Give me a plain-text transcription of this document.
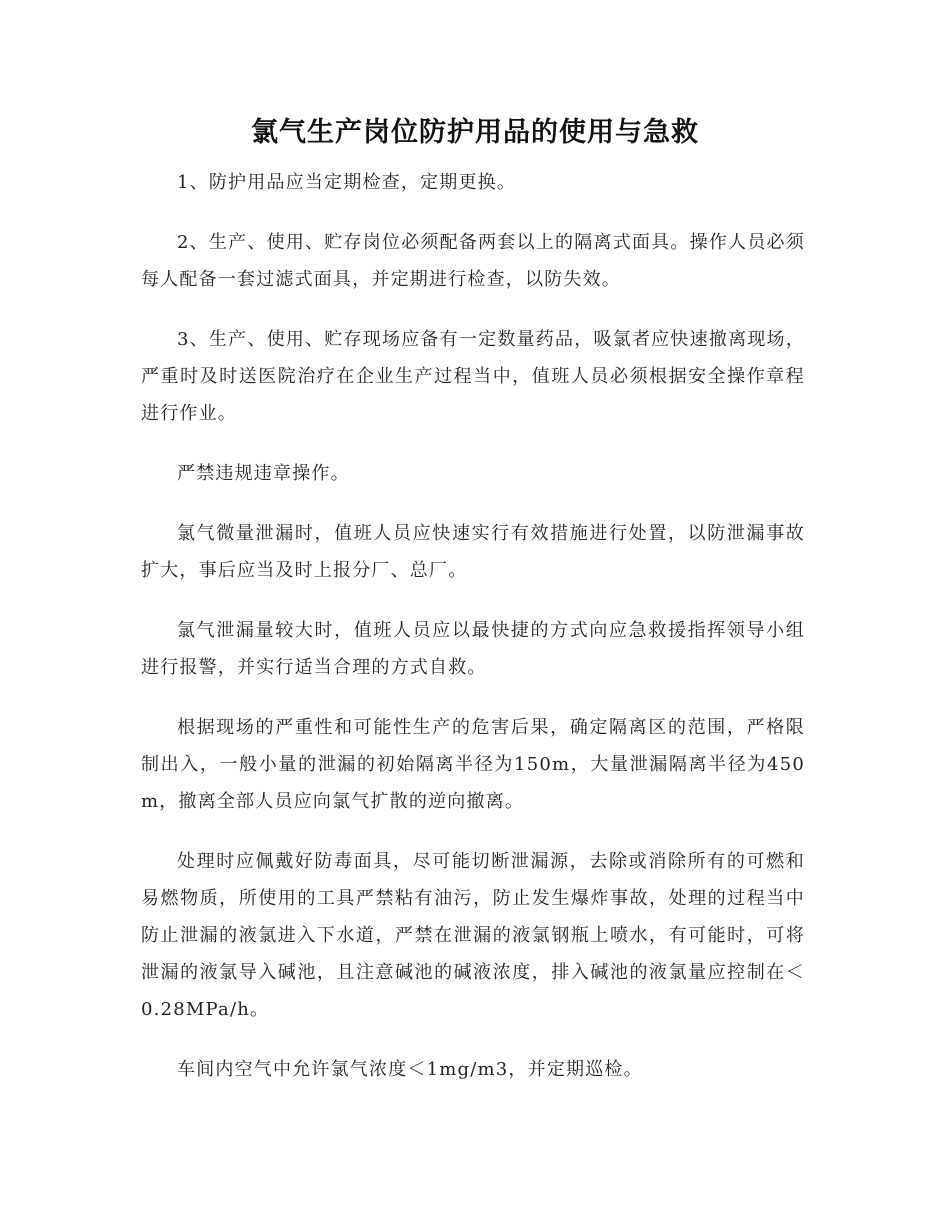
氯气生产岗位防护用品的使用与急救

1、防护用品应当定期检查，定期更换。

2、生产、使用、贮存岗位必须配备两套以上的隔离式面具。操作人员必须每人配备一套过滤式面具，并定期进行检查，以防失效。

3、生产、使用、贮存现场应备有一定数量药品，吸氯者应快速撤离现场，严重时及时送医院治疗在企业生产过程当中，值班人员必须根据安全操作章程进行作业。

严禁违规违章操作。

氯气微量泄漏时，值班人员应快速实行有效措施进行处置，以防泄漏事故扩大，事后应当及时上报分厂、总厂。

氯气泄漏量较大时，值班人员应以最快捷的方式向应急救援指挥领导小组进行报警，并实行适当合理的方式自救。

根据现场的严重性和可能性生产的危害后果，确定隔离区的范围，严格限制出入，一般小量的泄漏的初始隔离半径为150m，大量泄漏隔离半径为450m，撤离全部人员应向氯气扩散的逆向撤离。

处理时应佩戴好防毒面具，尽可能切断泄漏源，去除或消除所有的可燃和易燃物质，所使用的工具严禁粘有油污，防止发生爆炸事故，处理的过程当中防止泄漏的液氯进入下水道，严禁在泄漏的液氯钢瓶上喷水，有可能时，可将泄漏的液氯导入碱池，且注意碱池的碱液浓度，排入碱池的液氯量应控制在＜0.28MPa/h。

车间内空气中允许氯气浓度＜1mg/m3，并定期巡检。
